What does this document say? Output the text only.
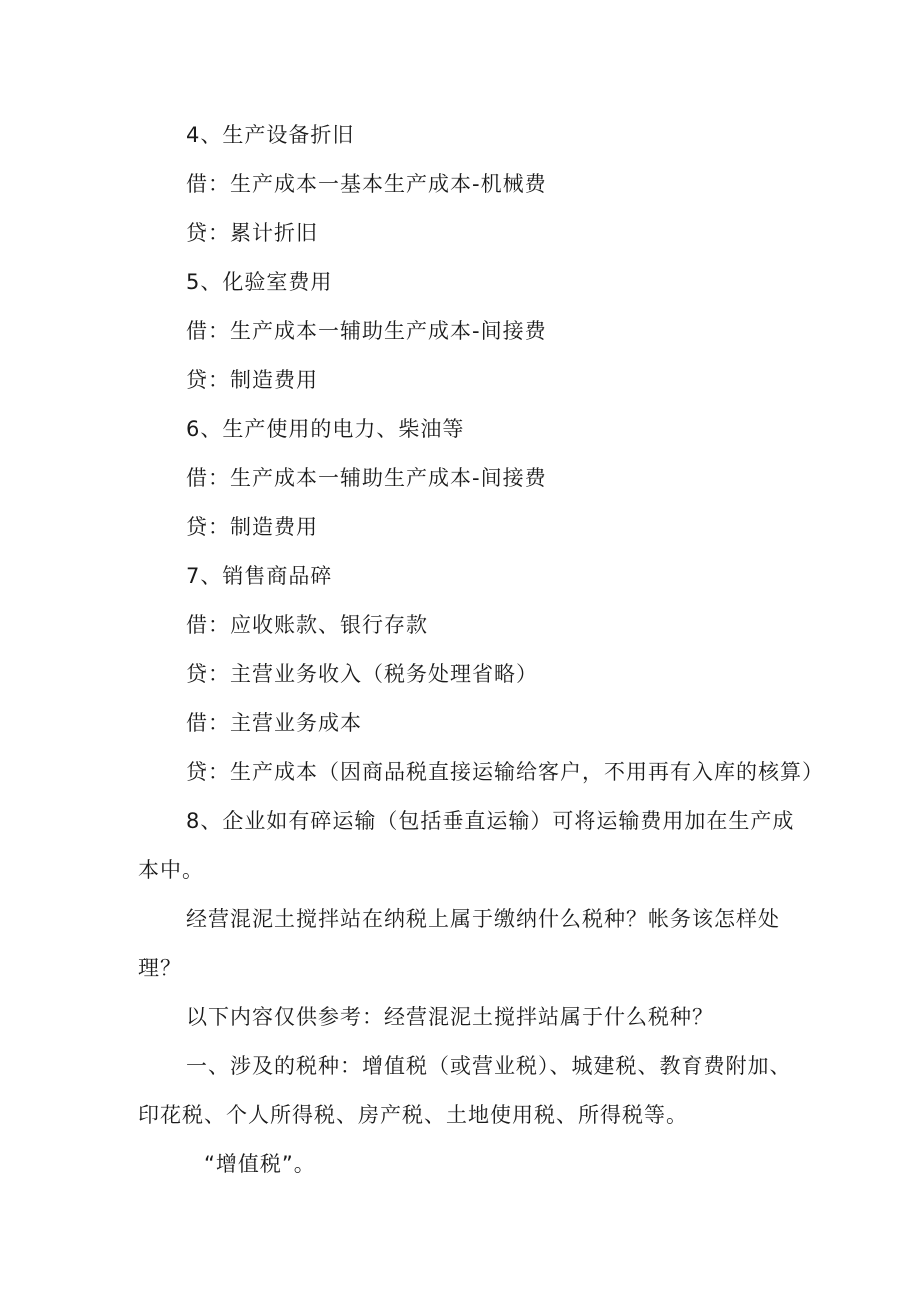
4、生产设备折旧
借：生产成本一基本生产成本-机械费
贷：累计折旧
5、化验室费用
借：生产成本一辅助生产成本-间接费
贷：制造费用
6、生产使用的电力、柴油等
借：生产成本一辅助生产成本-间接费
贷：制造费用
7、销售商品碎
借：应收账款、银行存款
贷：主营业务收入（税务处理省略）
借：主营业务成本
贷：生产成本（因商品税直接运输给客户，不用再有入库的核算）
8、企业如有碎运输（包括垂直运输）可将运输费用加在生产成
本中。
经营混泥土搅拌站在纳税上属于缴纳什么税种？帐务该怎样处
理？
以下内容仅供参考：经营混泥土搅拌站属于什么税种？
一、涉及的税种：增值税（或营业税）、城建税、教育费附加、
印花税、个人所得税、房产税、土地使用税、所得税等。
“增值税”。
